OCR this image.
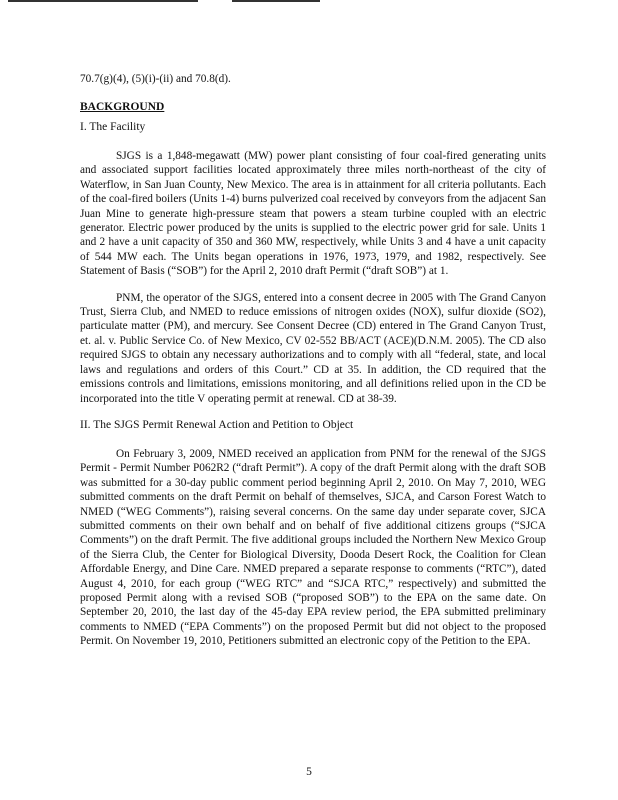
70.7(g)(4), (5)(i)-(ii) and 70.8(d).

BACKGROUND

I. The Facility

SJGS is a 1,848-megawatt (MW) power plant consisting of four coal-fired generating units and associated support facilities located approximately three miles north-northeast of the city of Waterflow, in San Juan County, New Mexico. The area is in attainment for all criteria pollutants. Each of the coal-fired boilers (Units 1-4) burns pulverized coal received by conveyors from the adjacent San Juan Mine to generate high-pressure steam that powers a steam turbine coupled with an electric generator. Electric power produced by the units is supplied to the electric power grid for sale. Units 1 and 2 have a unit capacity of 350 and 360 MW, respectively, while Units 3 and 4 have a unit capacity of 544 MW each. The Units began operations in 1976, 1973, 1979, and 1982, respectively. See Statement of Basis (“SOB”) for the April 2, 2010 draft Permit (“draft SOB”) at 1.

PNM, the operator of the SJGS, entered into a consent decree in 2005 with The Grand Canyon Trust, Sierra Club, and NMED to reduce emissions of nitrogen oxides (NOX), sulfur dioxide (SO2), particulate matter (PM), and mercury. See Consent Decree (CD) entered in The Grand Canyon Trust, et. al. v. Public Service Co. of New Mexico, CV 02-552 BB/ACT (ACE)(D.N.M. 2005). The CD also required SJGS to obtain any necessary authorizations and to comply with all “federal, state, and local laws and regulations and orders of this Court.” CD at 35. In addition, the CD required that the emissions controls and limitations, emissions monitoring, and all definitions relied upon in the CD be incorporated into the title V operating permit at renewal. CD at 38-39.

II. The SJGS Permit Renewal Action and Petition to Object

On February 3, 2009, NMED received an application from PNM for the renewal of the SJGS Permit - Permit Number P062R2 (“draft Permit”). A copy of the draft Permit along with the draft SOB was submitted for a 30-day public comment period beginning April 2, 2010. On May 7, 2010, WEG submitted comments on the draft Permit on behalf of themselves, SJCA, and Carson Forest Watch to NMED (“WEG Comments”), raising several concerns. On the same day under separate cover, SJCA submitted comments on their own behalf and on behalf of five additional citizens groups (“SJCA Comments”) on the draft Permit. The five additional groups included the Northern New Mexico Group of the Sierra Club, the Center for Biological Diversity, Dooda Desert Rock, the Coalition for Clean Affordable Energy, and Dine Care. NMED prepared a separate response to comments (“RTC”), dated August 4, 2010, for each group (“WEG RTC” and “SJCA RTC,” respectively) and submitted the proposed Permit along with a revised SOB (“proposed SOB”) to the EPA on the same date. On September 20, 2010, the last day of the 45-day EPA review period, the EPA submitted preliminary comments to NMED (“EPA Comments”) on the proposed Permit but did not object to the proposed Permit. On November 19, 2010, Petitioners submitted an electronic copy of the Petition to the EPA.

5
